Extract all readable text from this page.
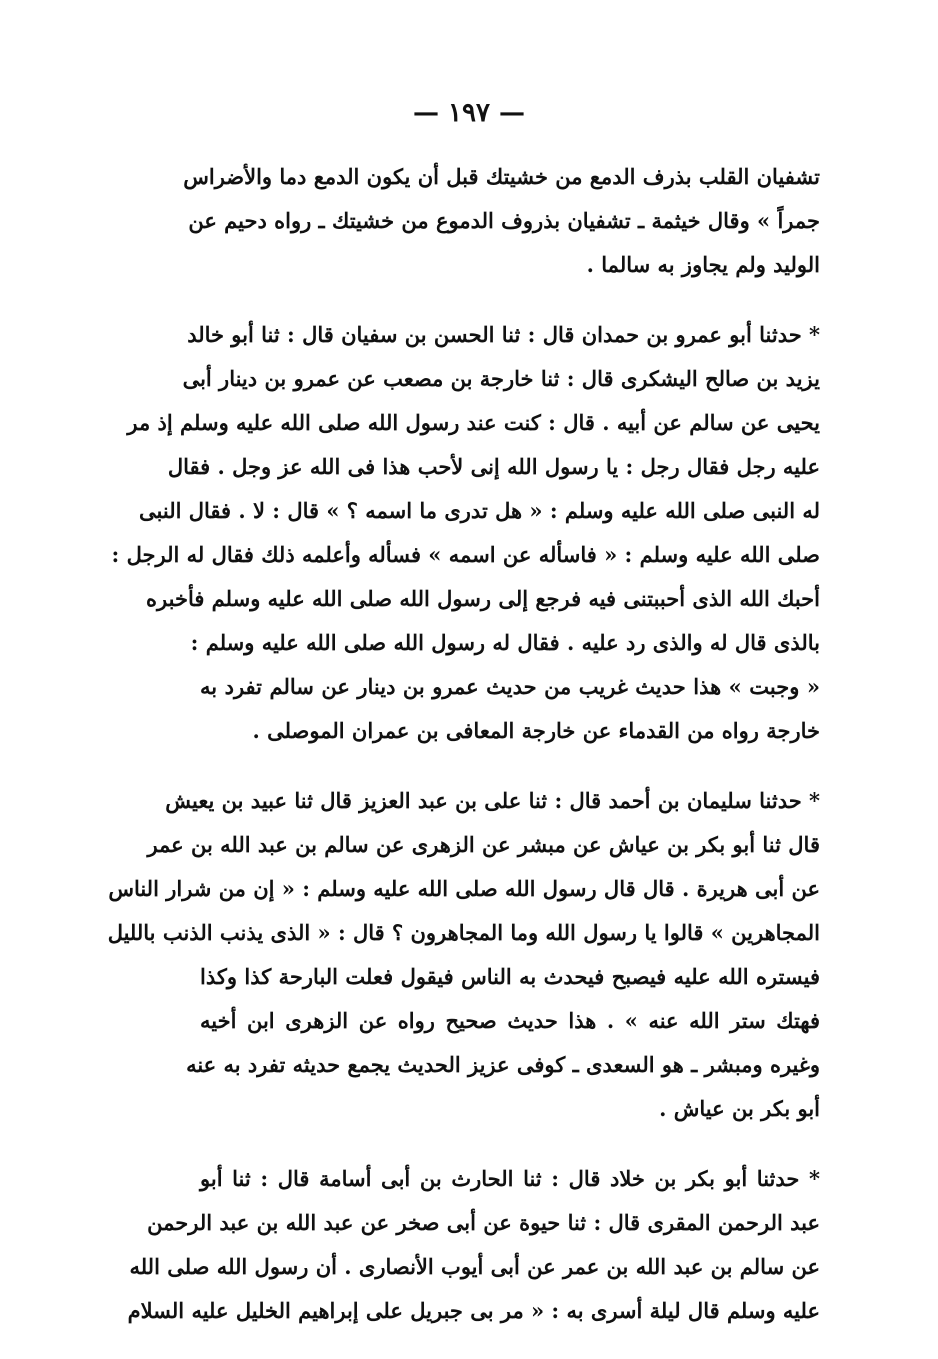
— ١٩٧ —

تشفيان القلب بذرف الدمع من خشيتك قبل أن يكون الدمع دما والأضراس
جمراً » وقال خيثمة ـ تشفيان بذروف الدموع من خشيتك ـ رواه دحيم عن
الوليد ولم يجاوز به سالما .

* حدثنا أبو عمرو بن حمدان قال : ثنا الحسن بن سفيان قال : ثنا أبو خالد
يزيد بن صالح اليشكرى قال : ثنا خارجة بن مصعب عن عمرو بن دينار أبى
يحيى عن سالم عن أبيه . قال : كنت عند رسول الله صلى الله عليه وسلم إذ مر
عليه رجل فقال رجل : يا رسول الله إنى لأحب هذا فى الله عز وجل . فقال
له النبى صلى الله عليه وسلم : « هل تدرى ما اسمه ؟ » قال : لا . فقال النبى
صلى الله عليه وسلم : « فاسأله عن اسمه » فسأله وأعلمه ذلك فقال له الرجل :
أحبك الله الذى أحببتنى فيه فرجع إلى رسول الله صلى الله عليه وسلم فأخبره
بالذى قال له والذى رد عليه . فقال له رسول الله صلى الله عليه وسلم :
« وجبت » هذا حديث غريب من حديث عمرو بن دينار عن سالم تفرد به
خارجة رواه من القدماء عن خارجة المعافى بن عمران الموصلى .

* حدثنا سليمان بن أحمد قال : ثنا على بن عبد العزيز قال ثنا عبيد بن يعيش
قال ثنا أبو بكر بن عياش عن مبشر عن الزهرى عن سالم بن عبد الله بن عمر
عن أبى هريرة . قال قال رسول الله صلى الله عليه وسلم : « إن من شرار الناس
المجاهرين » قالوا يا رسول الله وما المجاهرون ؟ قال : « الذى يذنب الذنب بالليل
فيستره الله عليه فيصبح فيحدث به الناس فيقول فعلت البارحة كذا وكذا
فهتك ستر الله عنه » . هذا حديث صحيح رواه عن الزهرى ابن أخيه
وغيره ومبشر ـ هو السعدى ـ كوفى عزيز الحديث يجمع حديثه تفرد به عنه
أبو بكر بن عياش .

* حدثنا أبو بكر بن خلاد قال : ثنا الحارث بن أبى أسامة قال : ثنا أبو
عبد الرحمن المقرى قال : ثنا حيوة عن أبى صخر عن عبد الله بن عبد الرحمن
عن سالم بن عبد الله بن عمر عن أبى أيوب الأنصارى . أن رسول الله صلى الله
عليه وسلم قال ليلة أسرى به : « مر بى جبريل على إبراهيم الخليل عليه السلام
